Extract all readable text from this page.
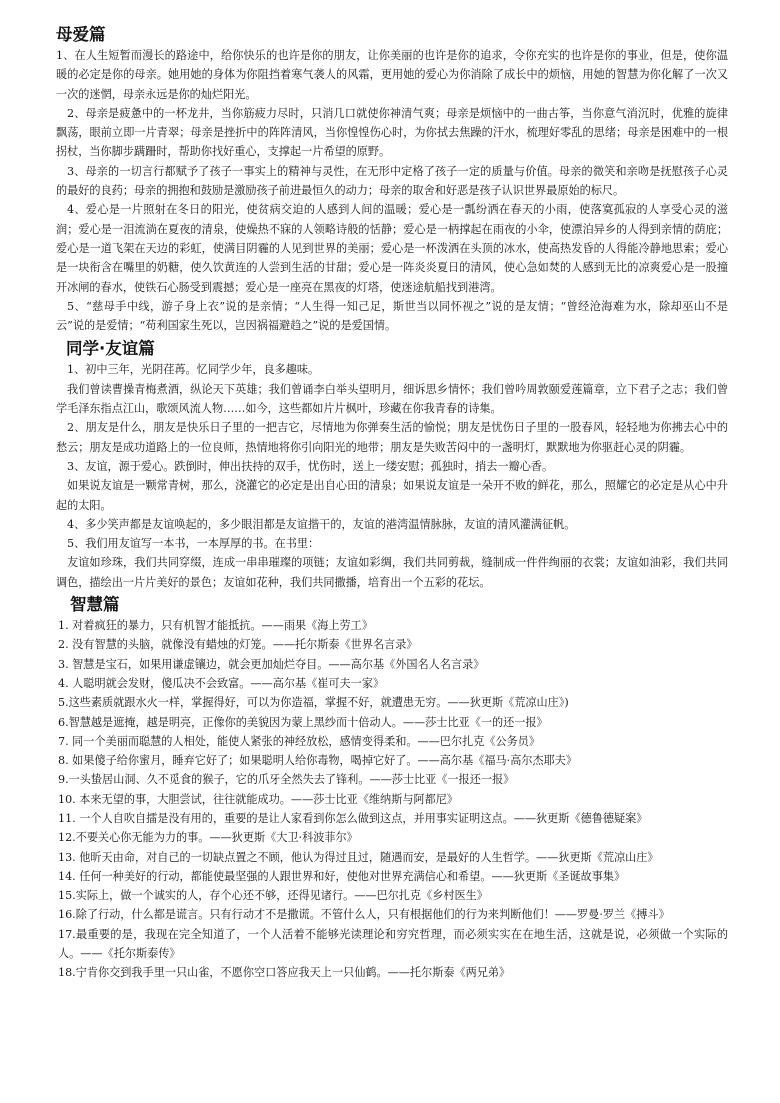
母爱篇

1、在人生短暂而漫长的路途中，给你快乐的也许是你的朋友，让你美丽的也许是你的追求，令你充实的也许是你的事业，但是，使你温暖的必定是你的母亲。她用她的身体为你阻挡着寒气袭人的风霜，更用她的爱心为你消除了成长中的烦恼，用她的智慧为你化解了一次又一次的迷惘，母亲永远是你的灿烂阳光。

2、母亲是疲惫中的一杯龙井，当你筋疲力尽时，只消几口就使你神清气爽；母亲是烦恼中的一曲古筝，当你意气消沉时，优雅的旋律飘荡，眼前立即一片青翠；母亲是挫折中的阵阵清风，当你惶惶伤心时，为你拭去焦躁的汗水，梳理好零乱的思绪；母亲是困难中的一根拐杖，当你脚步蹒跚时，帮助你找好重心，支撑起一片希望的原野。

3、母亲的一切言行都赋予了孩子一事实上的精神与灵性，在无形中定格了孩子一定的质量与价值。母亲的微笑和亲吻是抚慰孩子心灵的最好的良药；母亲的拥抱和鼓励是激励孩子前进最恒久的动力；母亲的取舍和好恶是孩子认识世界最原始的标尺。

4、爱心是一片照射在冬日的阳光，使贫病交迫的人感到人间的温暖；爱心是一瓢纷洒在春天的小雨，使落寞孤寂的人享受心灵的滋润；爱心是一泪流淌在夏夜的清泉，使燥热不寐的人领略诗般的恬静；爱心是一柄撑起在雨夜的小伞，使漂泊异乡的人得到亲情的荫庇；爱心是一道飞架在天边的彩虹，使满目阴霾的人见到世界的美丽；爱心是一杯泼洒在头顶的冰水，使高热发昏的人得能冷静地思索；爱心是一块衔含在嘴里的奶糖，使久饮黄连的人尝到生活的甘甜；爱心是一阵炎炎夏日的清风，使心急如焚的人感到无比的凉爽爱心是一股撞开冰闸的春水，使铁石心肠受到震撼；爱心是一座亮在黑夜的灯塔，使迷途航船找到港湾。

5、“慈母手中线，游子身上衣”说的是亲情；“人生得一知己足，斯世当以同怀视之”说的是友情；“曾经沧海难为水，除却巫山不是云”说的是爱情；“苟利国家生死以，岂因祸福避趋之”说的是爱国情。

同学·友谊篇

1、初中三年，光阴荏苒。忆同学少年，良多趣味。

我们曾读曹操青梅煮酒，纵论天下英雄；我们曾诵李白举头望明月，细诉思乡情怀；我们曾吟周敦颐爱莲篇章，立下君子之志；我们曾学毛泽东指点江山，歌颂风流人物……如今，这些都如片片枫叶，珍藏在你我青春的诗集。

2、朋友是什么，朋友是快乐日子里的一把吉它，尽情地为你弹奏生活的愉悦；朋友是忧伤日子里的一股春风，轻轻地为你拂去心中的愁云；朋友是成功道路上的一位良师，热情地将你引向阳光的地带；朋友是失败苦闷中的一盏明灯，默默地为你驱赶心灵的阴霾。

3、友谊，源于爱心。跌倒时，伸出扶持的双手，忧伤时，送上一缕安慰；孤独时，捎去一瓣心香。

如果说友谊是一颗常青树，那么，浇灌它的必定是出自心田的清泉；如果说友谊是一朵开不败的鲜花，那么，照耀它的必定是从心中升起的太阳。

4、多少笑声都是友谊唤起的，多少眼泪都是友谊揩干的，友谊的港湾温情脉脉，友谊的清风灌满征帆。

5、我们用友谊写一本书，一本厚厚的书。在书里：

友谊如珍珠，我们共同穿缀，连成一串串璀璨的项链；友谊如彩绸，我们共同剪裁，缝制成一件件绚丽的衣裳；友谊如油彩，我们共同调色，描绘出一片片美好的景色；友谊如花种，我们共同撒播，培育出一个五彩的花坛。

智慧篇
1. 对着疯狂的暴力，只有机智才能抵抗。——雨果《海上劳工》
2. 没有智慧的头脑，就像没有蜡烛的灯笼。——托尔斯泰《世界名言录》
3. 智慧是宝石，如果用谦虚镶边，就会更加灿烂夺目。——高尔基《外国名人名言录》
4. 人聪明就会发财，傻瓜决不会致富。——高尔基《崔可夫一家》
5.这些素质就跟水火一样，掌握得好，可以为你造福，掌握不好，就遭患无穷。——狄更斯《荒凉山庄》)
6.智慧越是遮掩，越是明亮，正像你的美貌因为蒙上黑纱而十倍动人。——莎士比亚《一的还一报》
7. 同一个美丽而聪慧的人相处，能使人紧张的神经放松，感情变得柔和。——巴尔扎克《公务员》
8. 如果傻子给你蜜月，睡弃它好了；如果聪明人给你毒物，喝掉它好了。——高尔基《福马·高尔杰耶夫》
9.一头蛰居山洞、久不觅食的猴子，它的爪牙全然失去了锋利。——莎士比亚《一报还一报》
10. 本来无望的事，大胆尝试，往往就能成功。——莎士比亚《维纳斯与阿都尼》
11. 一个人自吹自擂是没有用的，重要的是让人家看到你怎么做到这点，并用事实证明这点。——狄更斯《德鲁德疑案》
12.不要关心你无能为力的事。——狄更斯《大卫·科波菲尔》
13. 他昕天由命，对自己的一切缺点置之不顾，他认为得过且过，随遇而安，是最好的人生哲学。——狄更斯《荒凉山庄》
14. 任何一种美好的行动，都能使最坚强的人跟世界和好，使他对世界充满信心和希望。——狄更斯《圣诞故事集》
15.实际上，做一个诚实的人，存个心还不够，还得见诸行。——巴尔扎克《乡村医生》
16.除了行动，什么都是谎言。只有行动才不是撒谎。不管什么人，只有根据他们的行为来判断他们！——罗曼·罗兰《搏斗》
17.最重要的是，我现在完全知道了，一个人活着不能够光读理论和穷究哲理，而必须实实在在地生活，这就是说，必须做一个实际的人。——《托尔斯泰传》
18.宁肯你交到我手里一只山雀，不愿你空口答应我天上一只仙鹤。——托尔斯泰《两兄弟》
